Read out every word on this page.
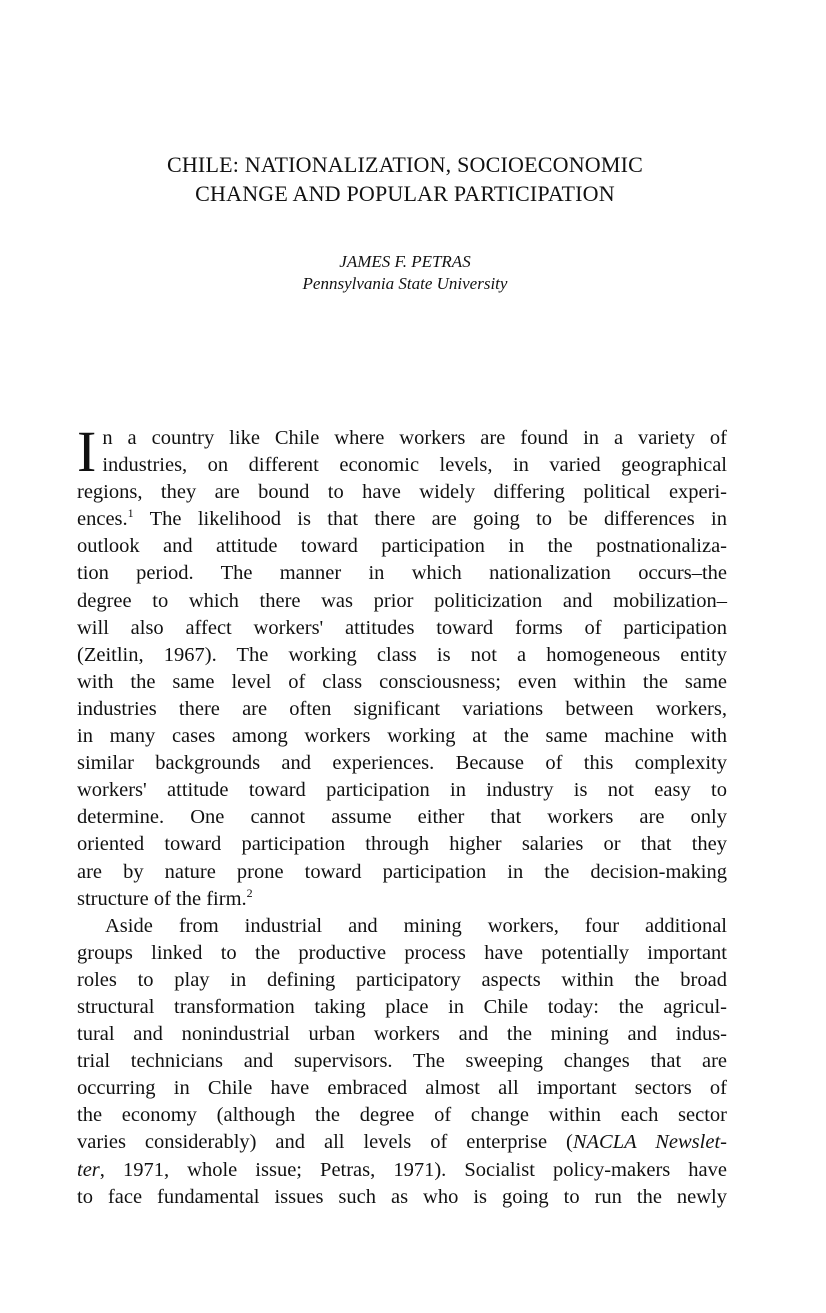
CHILE: NATIONALIZATION, SOCIOECONOMIC
CHANGE AND POPULAR PARTICIPATION
JAMES F. PETRAS
Pennsylvania State University
I n a country like Chile where workers are found in a variety of
industries, on different economic levels, in varied geographical
regions, they are bound to have widely differing political experi-
ences.$^1$ The likelihood is that there are going to be differences in
outlook and attitude toward participation in the postnationaliza-
tion period. The manner in which nationalization occurs–the
degree to which there was prior politicization and mobilization–
will also affect workers' attitudes toward forms of participation
(Zeitlin, 1967). The working class is not a homogeneous entity
with the same level of class consciousness; even within the same
industries there are often significant variations between workers,
in many cases among workers working at the same machine with
similar backgrounds and experiences. Because of this complexity
workers' attitude toward participation in industry is not easy to
determine. One cannot assume either that workers are only
oriented toward participation through higher salaries or that they
are by nature prone toward participation in the decision-making
structure of the firm.$^2$
Aside from industrial and mining workers, four additional
groups linked to the productive process have potentially important
roles to play in defining participatory aspects within the broad
structural transformation taking place in Chile today: the agricul-
tural and nonindustrial urban workers and the mining and indus-
trial technicians and supervisors. The sweeping changes that are
occurring in Chile have embraced almost all important sectors of
the economy (although the degree of change within each sector
varies considerably) and all levels of enterprise (NACLA Newslet-
ter, 1971, whole issue; Petras, 1971). Socialist policy-makers have
to face fundamental issues such as who is going to run the newly
